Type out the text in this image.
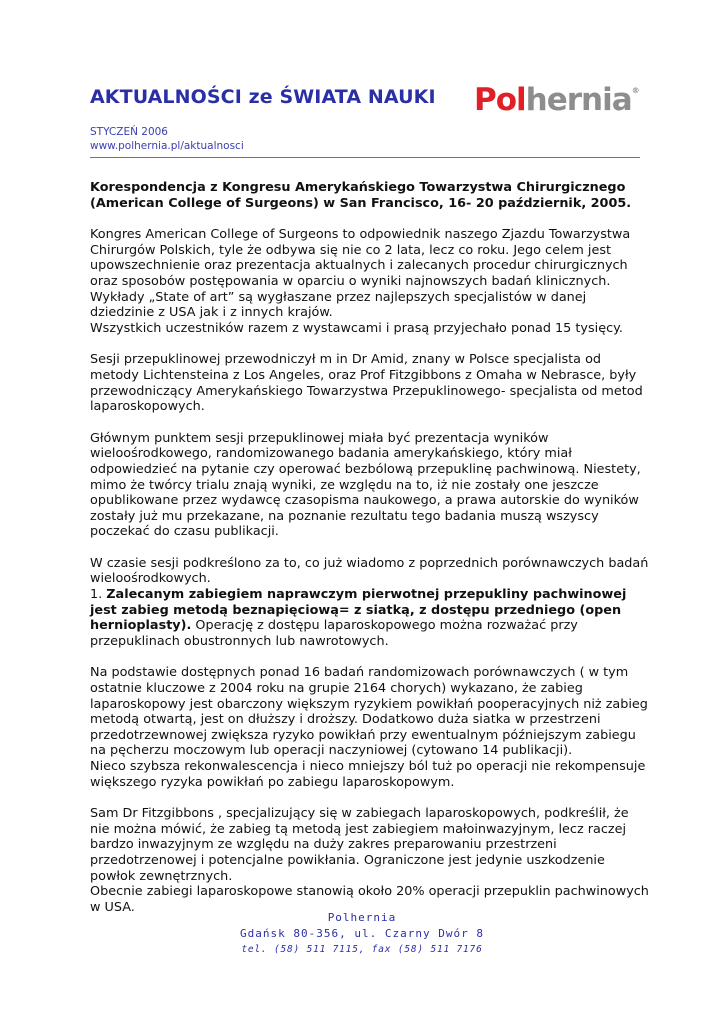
AKTUALNOŚCI ze ŚWIATA NAUKI Polhernia®
STYCZEŃ 2006
www.polhernia.pl/aktualnosci

Korespondencja z Kongresu Amerykańskiego Towarzystwa Chirurgicznego (American College of Surgeons) w San Francisco, 16- 20 październik, 2005.

Kongres American College of Surgeons to odpowiednik naszego Zjazdu Towarzystwa Chirurgów Polskich, tyle że odbywa się nie co 2 lata, lecz co roku. Jego celem jest upowszechnienie oraz prezentacja aktualnych i zalecanych procedur chirurgicznych oraz sposobów postępowania w oparciu o wyniki najnowszych badań klinicznych.

Wykłady „State of art” są wygłaszane przez najlepszych specjalistów w danej dziedzinie z USA jak i z innych krajów.

Wszystkich uczestników razem z wystawcami i prasą przyjechało ponad 15 tysięcy.

Sesji przepuklinowej przewodniczył m in Dr Amid, znany w Polsce specjalista od metody Lichtensteina z Los Angeles, oraz Prof Fitzgibbons z Omaha w Nebrasce, były przewodniczący Amerykańskiego Towarzystwa Przepuklinowego- specjalista od metod laparoskopowych.

Głównym punktem sesji przepuklinowej miała być prezentacja wyników wieloośrodkowego, randomizowanego badania amerykańskiego, który miał odpowiedzieć na pytanie czy operować bezbólową przepuklinę pachwinową. Niestety, mimo że twórcy trialu znają wyniki, ze względu na to, iż nie zostały one jeszcze opublikowane przez wydawcę czasopisma naukowego, a prawa autorskie do wyników zostały już mu przekazane, na poznanie rezultatu tego badania muszą wszyscy poczekać do czasu publikacji.

W czasie sesji podkreślono za to, co już wiadomo z poprzednich porównawczych badań wieloośrodkowych.

1. Zalecanym zabiegiem naprawczym pierwotnej przepukliny pachwinowej jest zabieg metodą beznapięciową= z siatką, z dostępu przedniego (open hernioplasty). Operację z dostępu laparoskopowego można rozważać przy przepuklinach obustronnych lub nawrotowych.

Na podstawie dostępnych ponad 16 badań randomizowach porównawczych ( w tym ostatnie kluczowe z 2004 roku na grupie 2164 chorych) wykazano, że zabieg laparoskopowy jest obarczony większym ryzykiem powikłań pooperacyjnych niż zabieg metodą otwartą, jest on dłuższy i droższy. Dodatkowo duża siatka w przestrzeni przedotrzewnowej zwiększa ryzyko powikłań przy ewentualnym późniejszym zabiegu na pęcherzu moczowym lub operacji naczyniowej (cytowano 14 publikacji).

Nieco szybsza rekonwalescencja i nieco mniejszy ból tuż po operacji nie rekompensuje większego ryzyka powikłań po zabiegu laparoskopowym.

Sam Dr Fitzgibbons , specjalizujący się w zabiegach laparoskopowych, podkreślił, że nie można mówić, że zabieg tą metodą jest zabiegiem małoinwazyjnym, lecz raczej bardzo inwazyjnym ze względu na duży zakres preparowaniu przestrzeni przedotrzenowej i potencjalne powikłania. Ograniczone jest jedynie uszkodzenie powłok zewnętrznych.

Obecnie zabiegi laparoskopowe stanowią około 20% operacji przepuklin pachwinowych w USA.

Polhernia
Gdańsk 80-356, ul. Czarny Dwór 8
tel. (58) 511 7115, fax (58) 511 7176
